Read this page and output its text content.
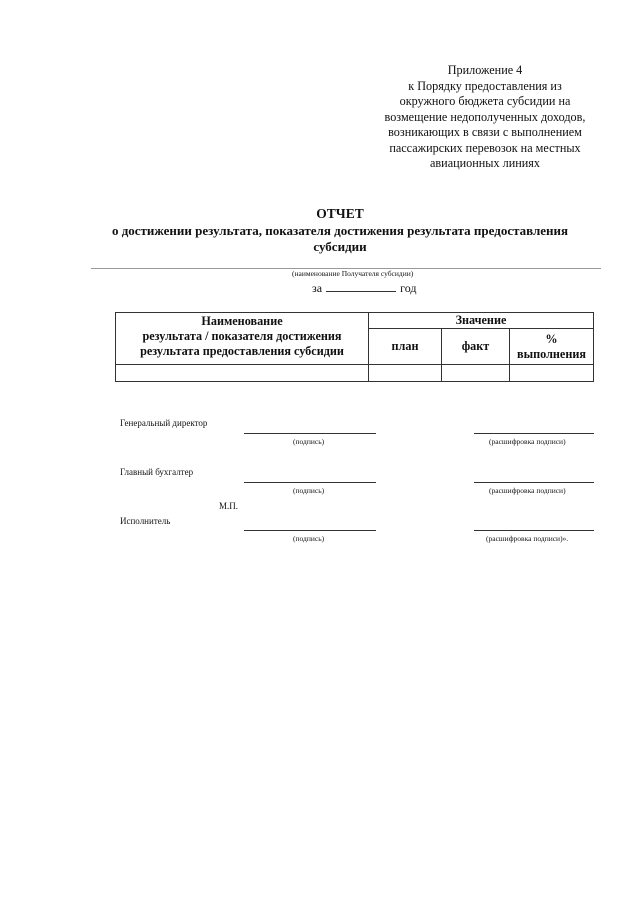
Приложение 4
к Порядку предоставления из
окружного бюджета субсидии на
возмещение недополученных доходов,
возникающих в связи с выполнением
пассажирских перевозок на местных
авиационных линиях
ОТЧЕТ
о достижении результата, показателя достижения результата предоставления
субсидии
(наименование Получателя субсидии)
за	год
Наименование
результата / показателя достижения
результата предоставления субсидии	Значение		
	план	факт	%
выполнения

Генеральный директор
(подпись)	(расшифровка подписи)
Главный бухгалтер
(подпись)	(расшифровка подписи)
М.П.
Исполнитель
(подпись)	(расшифровка подписи)».
